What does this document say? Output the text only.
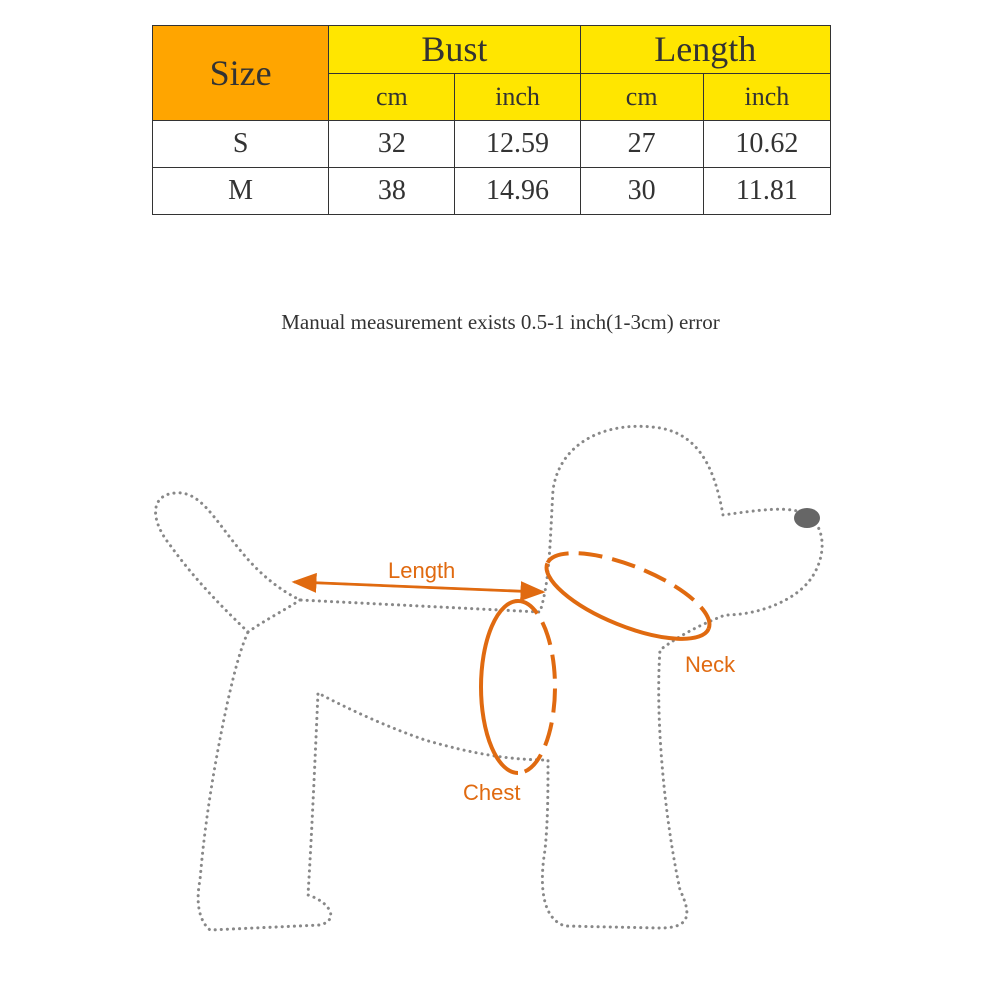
Size	Bust		Length	
	cm	inch	cm	inch
S	32	12.59	27	10.62
M	38	14.96	30	11.81
Manual measurement exists 0.5-1 inch(1-3cm) error
Length
Neck
Chest
